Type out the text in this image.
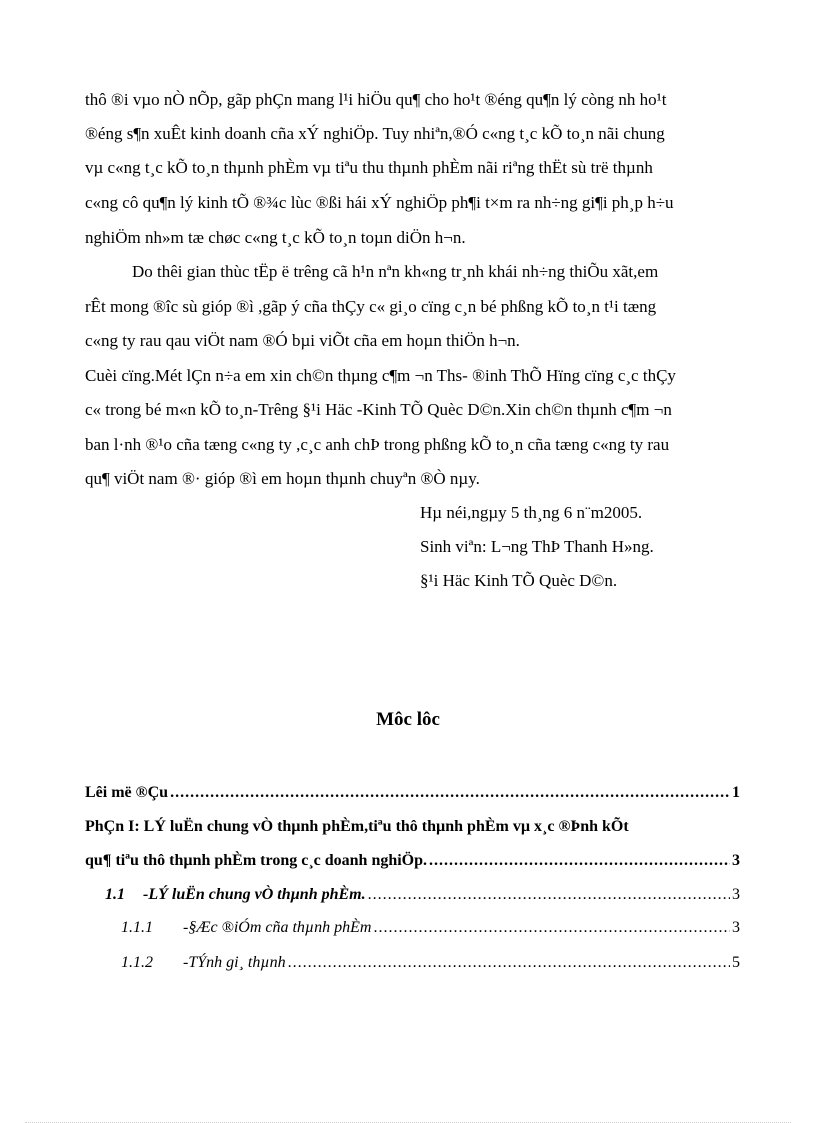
thô ®i vµo nÒ nÕp, gãp phÇn mang l¹i hiÖu qu¶ cho ho¹t ®éng qu¶n lý còng nh ho¹t
®éng s¶n xuÊt kinh doanh cña xÝ nghiÖp. Tuy nhiªn,®Ó c«ng t¸c kÕ to¸n nãi chung
vµ c«ng t¸c kÕ to¸n thµnh phÈm vµ tiªu thu thµnh phÈm nãi riªng thËt sù trë thµnh
c«ng cô qu¶n lý kinh tÕ ®¾c lùc ®ßi hái xÝ nghiÖp ph¶i t×m ra nh÷ng gi¶i ph¸p h÷u
nghiÖm nh»m tæ chøc c«ng t¸c kÕ to¸n toµn diÖn h¬n.
Do thêi gian thùc tËp ë trêng cã h¹n nªn kh«ng tr¸nh khái nh÷ng thiÕu xãt,em
rÊt mong ®îc sù gióp ®ì ,gãp ý cña thÇy c« gi¸o cïng c¸n bé phßng kÕ to¸n t¹i tæng
c«ng ty rau qau viÖt nam ®Ó bµi viÕt cña em hoµn thiÖn h¬n.
Cuèi cïng.Mét lÇn n÷a em xin ch©n thµng c¶m ¬n Ths- ®inh ThÕ Hïng cïng c¸c thÇy
c« trong bé m«n kÕ to¸n-Trêng §¹i Häc -Kinh TÕ Quèc D©n.Xin ch©n thµnh c¶m ¬n
ban l·nh ®¹o cña tæng c«ng ty ,c¸c anh chÞ trong phßng kÕ to¸n cña tæng c«ng ty rau
qu¶ viÖt nam ®· gióp ®ì em hoµn thµnh chuyªn ®Ò nµy.
Hµ néi,ngµy 5 th¸ng 6 n¨m2005.
Sinh viªn: L¬ng ThÞ Thanh H»ng.
§¹i Häc Kinh TÕ Quèc D©n.
Môc lôc
Lêi më ®Çu .....	1
PhÇn I: LÝ luËn chung vÒ thµnh phÈm,tiªu thô thµnh phÈm vµ x¸c ®Þnh kÕt
qu¶ tiªu thô thµnh phÈm trong c¸c doanh nghiÖp. .....	3
1.1 -LÝ luËn chung vÒ thµnh phÈm. .....	3
1.1.1 -§Æc ®iÓm cña thµnh phÈm .....	3
1.1.2 -TÝnh gi¸ thµnh .....	5
